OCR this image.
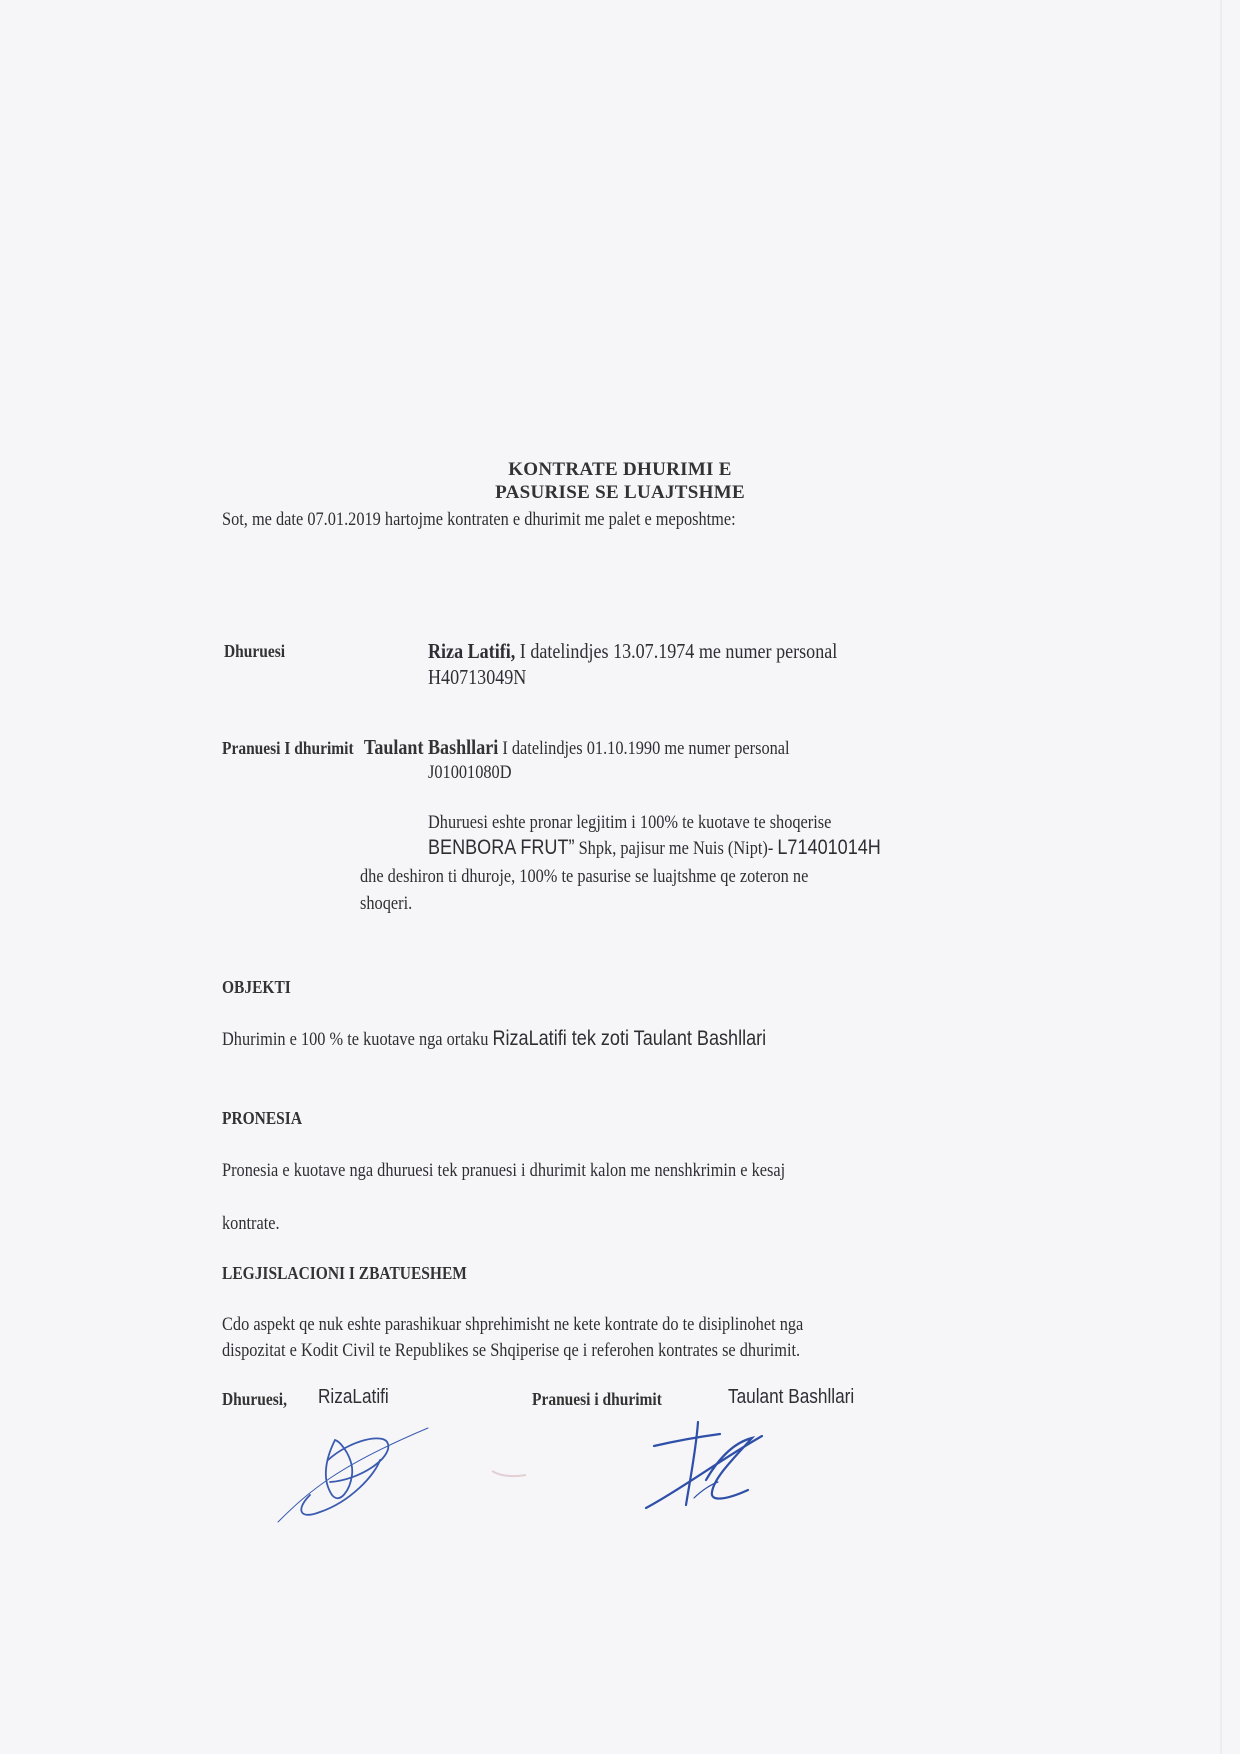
KONTRATE DHURIMI E
PASURISE SE LUAJTSHME
Sot, me date 07.01.2019 hartojme kontraten e dhurimit me palet e meposhtme:
Dhuruesi	Riza Latifi, I datelindjes 13.07.1974 me numer personal
H40713049N
Pranuesi I dhurimit Taulant Bashllari I datelindjes 01.10.1990 me numer personal
J01001080D
Dhuruesi eshte pronar legjitim i 100% te kuotave te shoqerise
BENBORA FRUT” Shpk, pajisur me Nuis (Nipt)- L71401014H
dhe deshiron ti dhuroje, 100% te pasurise se luajtshme qe zoteron ne
shoqeri.
OBJEKTI
Dhurimin e 100 % te kuotave nga ortaku RizaLatifi tek zoti Taulant Bashllari
PRONESIA
Pronesia e kuotave nga dhuruesi tek pranuesi i dhurimit kalon me nenshkrimin e kesaj
kontrate.
LEGJISLACIONI I ZBATUESHEM
Cdo aspekt qe nuk eshte parashikuar shprehimisht ne kete kontrate do te disiplinohet nga
dispozitat e Kodit Civil te Republikes se Shqiperise qe i referohen kontrates se dhurimit.
Dhuruesi, RizaLatifi	Pranuesi i dhurimit	Taulant Bashllari
